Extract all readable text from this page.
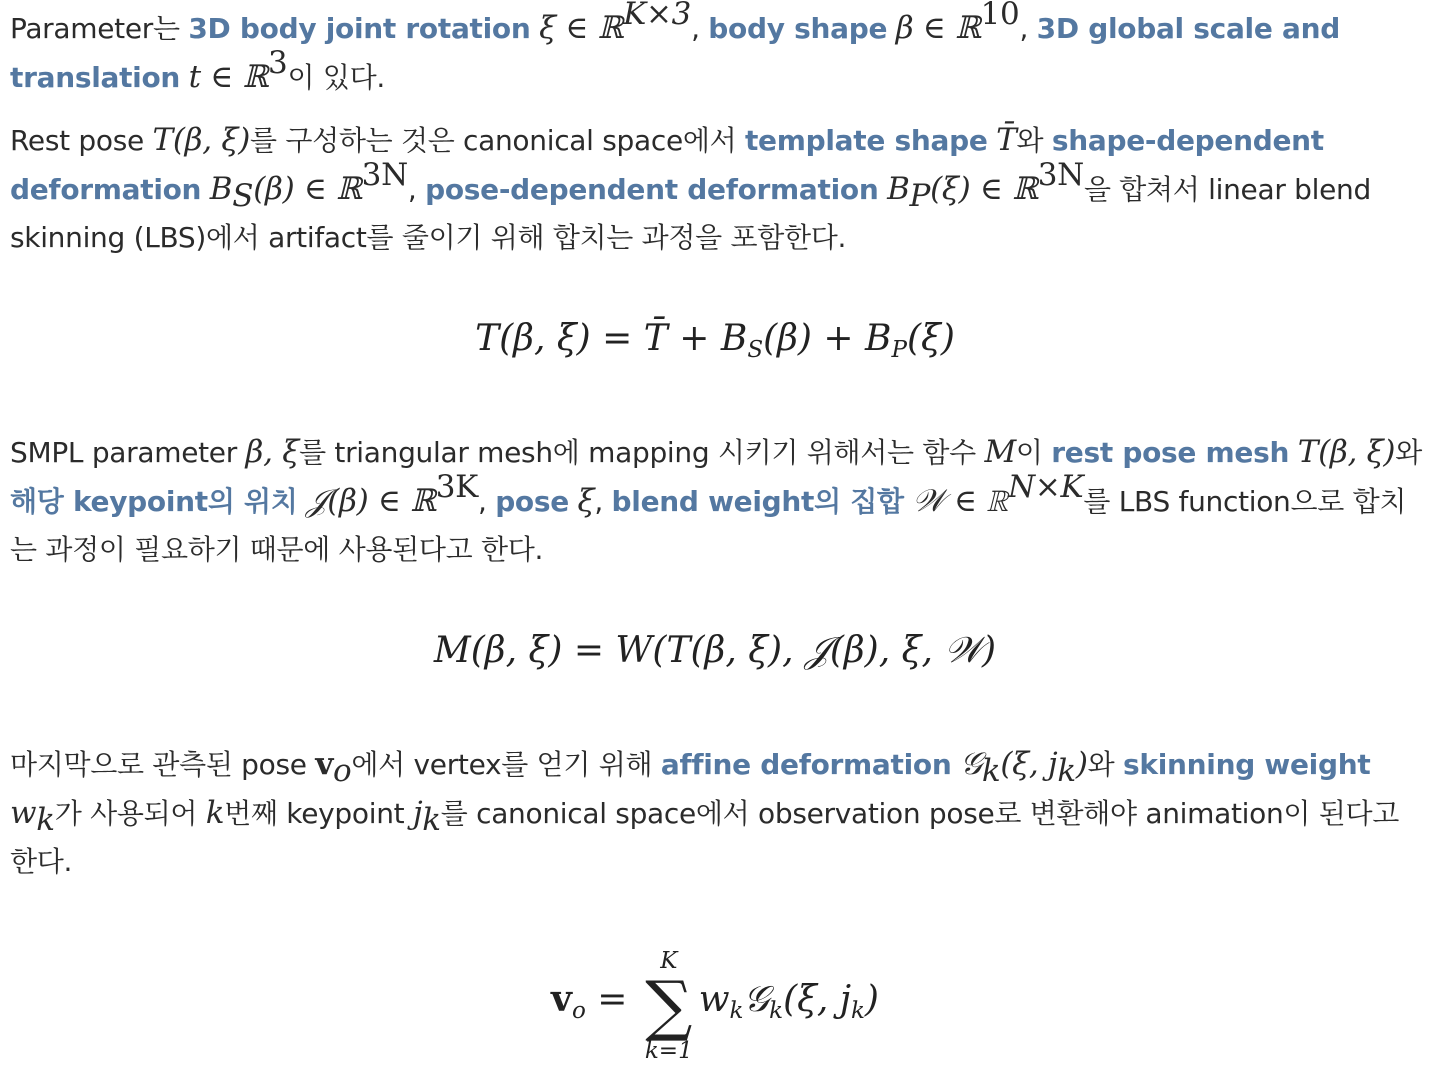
Parameter는 3D body joint rotation ξ ∈ ℝ$^{K\times 3}$, body shape β ∈ ℝ$^{10}$, 3D global scale and translation t ∈ ℝ$^3$이 있다.
Rest pose T(β, ξ)를 구성하는 것은 canonical space에서 template shape T̄와 shape-dependent deformation $B_S(\beta)$ ∈ ℝ$^{3N}$, pose-dependent deformation $B_P(\xi)$ ∈ ℝ$^{3N}$을 합쳐서 linear blend skinning (LBS)에서 artifact를 줄이기 위해 합치는 과정을 포함한다.
T(β, ξ) = T̄ + $B_S(\beta) + B_P(\xi)$
SMPL parameter β, ξ를 triangular mesh에 mapping 시키기 위해서는 함수 M이 rest pose mesh T(β, ξ)와 해당 keypoint의 위치 𝒥(β) ∈ ℝ$^{3K}$, pose ξ, blend weight의 집합 𝒲 ∈ ℝ$^{N\times K}$를 LBS function으로 합치는 과정이 필요하기 때문에 사용된다고 한다.
M(β, ξ) = W(T(β, ξ), 𝒥(β), ξ, 𝒲)
마지막으로 관측된 pose $v_o$에서 vertex를 얻기 위해 affine deformation 𝒢$_k$(ξ, $j_k$)와 skinning weight $w_k$가 사용되어 k번째 keypoint $j_k$를 canonical space에서 observation pose로 변환해야 animation이 된다고 한다.
$v_o$ =
K
∑
k=1
$w_k𝒢_k(\xi$, $j_k$)
